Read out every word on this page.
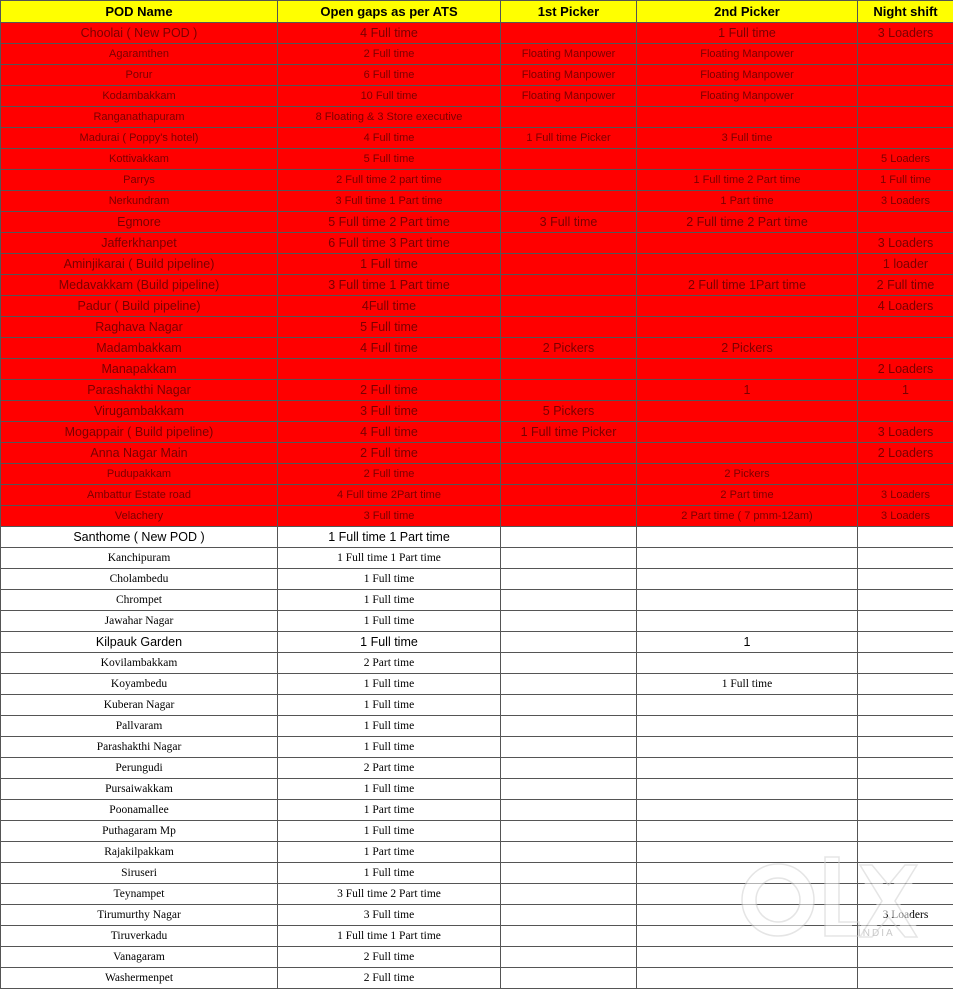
POD Name	Open gaps as per ATS	1st Picker	2nd Picker	Night shift
Choolai ( New POD )	4 Full time		1 Full time	3 Loaders
Agaramthen	2 Full time	Floating Manpower	Floating Manpower	
Porur	6 Full time	Floating Manpower	Floating Manpower	
Kodambakkam	10 Full time	Floating Manpower	Floating Manpower	
Ranganathapuram	8 Floating & 3 Store executive			
Madurai ( Poppy's hotel)	4 Full time	1 Full time Picker	3 Full time	
Kottivakkam	5 Full time			5 Loaders
Parrys	2 Full time 2 part time		1 Full time 2 Part time	1 Full time
Nerkundram	3 Full time 1 Part time		1 Part time	3 Loaders
Egmore	5 Full time 2 Part time	3 Full time	2 Full time 2 Part time	
Jafferkhanpet	6 Full time 3 Part time			3 Loaders
Aminjikarai ( Build pipeline)	1 Full time			1 loader
Medavakkam (Build pipeline)	3 Full time 1 Part time		2 Full time 1Part time	2 Full time
Padur ( Build pipeline)	4Full time			4 Loaders
Raghava Nagar	5 Full time			
Madambakkam	4 Full time	2 Pickers	2 Pickers	
Manapakkam				2 Loaders
Parashakthi Nagar	2 Full time		1	1
Virugambakkam	3 Full time	5 Pickers		
Mogappair ( Build pipeline)	4 Full time	1 Full time Picker		3 Loaders
Anna Nagar Main	2 Full time			2 Loaders
Pudupakkam	2 Full time		2 Pickers	
Ambattur Estate road	4 Full time 2Part time		2 Part time	3 Loaders
Velachery	3 Full time		2 Part time ( 7 pmm-12am)	3 Loaders
Santhome ( New POD )	1 Full time 1 Part time			
Kanchipuram	1 Full time 1 Part time			
Cholambedu	1 Full time			
Chrompet	1 Full time			
Jawahar Nagar	1 Full time			
Kilpauk Garden	1 Full time		1	
Kovilambakkam	2 Part time			
Koyambedu	1 Full time		1 Full time	
Kuberan Nagar	1 Full time			
Pallvaram	1 Full time			
Parashakthi Nagar	1 Full time			
Perungudi	2 Part time			
Pursaiwakkam	1 Full time			
Poonamallee	1 Part time			
Puthagaram Mp	1 Full time			
Rajakilpakkam	1 Part time			
Siruseri	1 Full time			
Teynampet	3 Full time 2 Part time			
Tirumurthy Nagar	3 Full time			3 Loaders
Tiruverkadu	1 Full time 1 Part time			
Vanagaram	2 Full time			
Washermenpet	2 Full time			
INDIA
